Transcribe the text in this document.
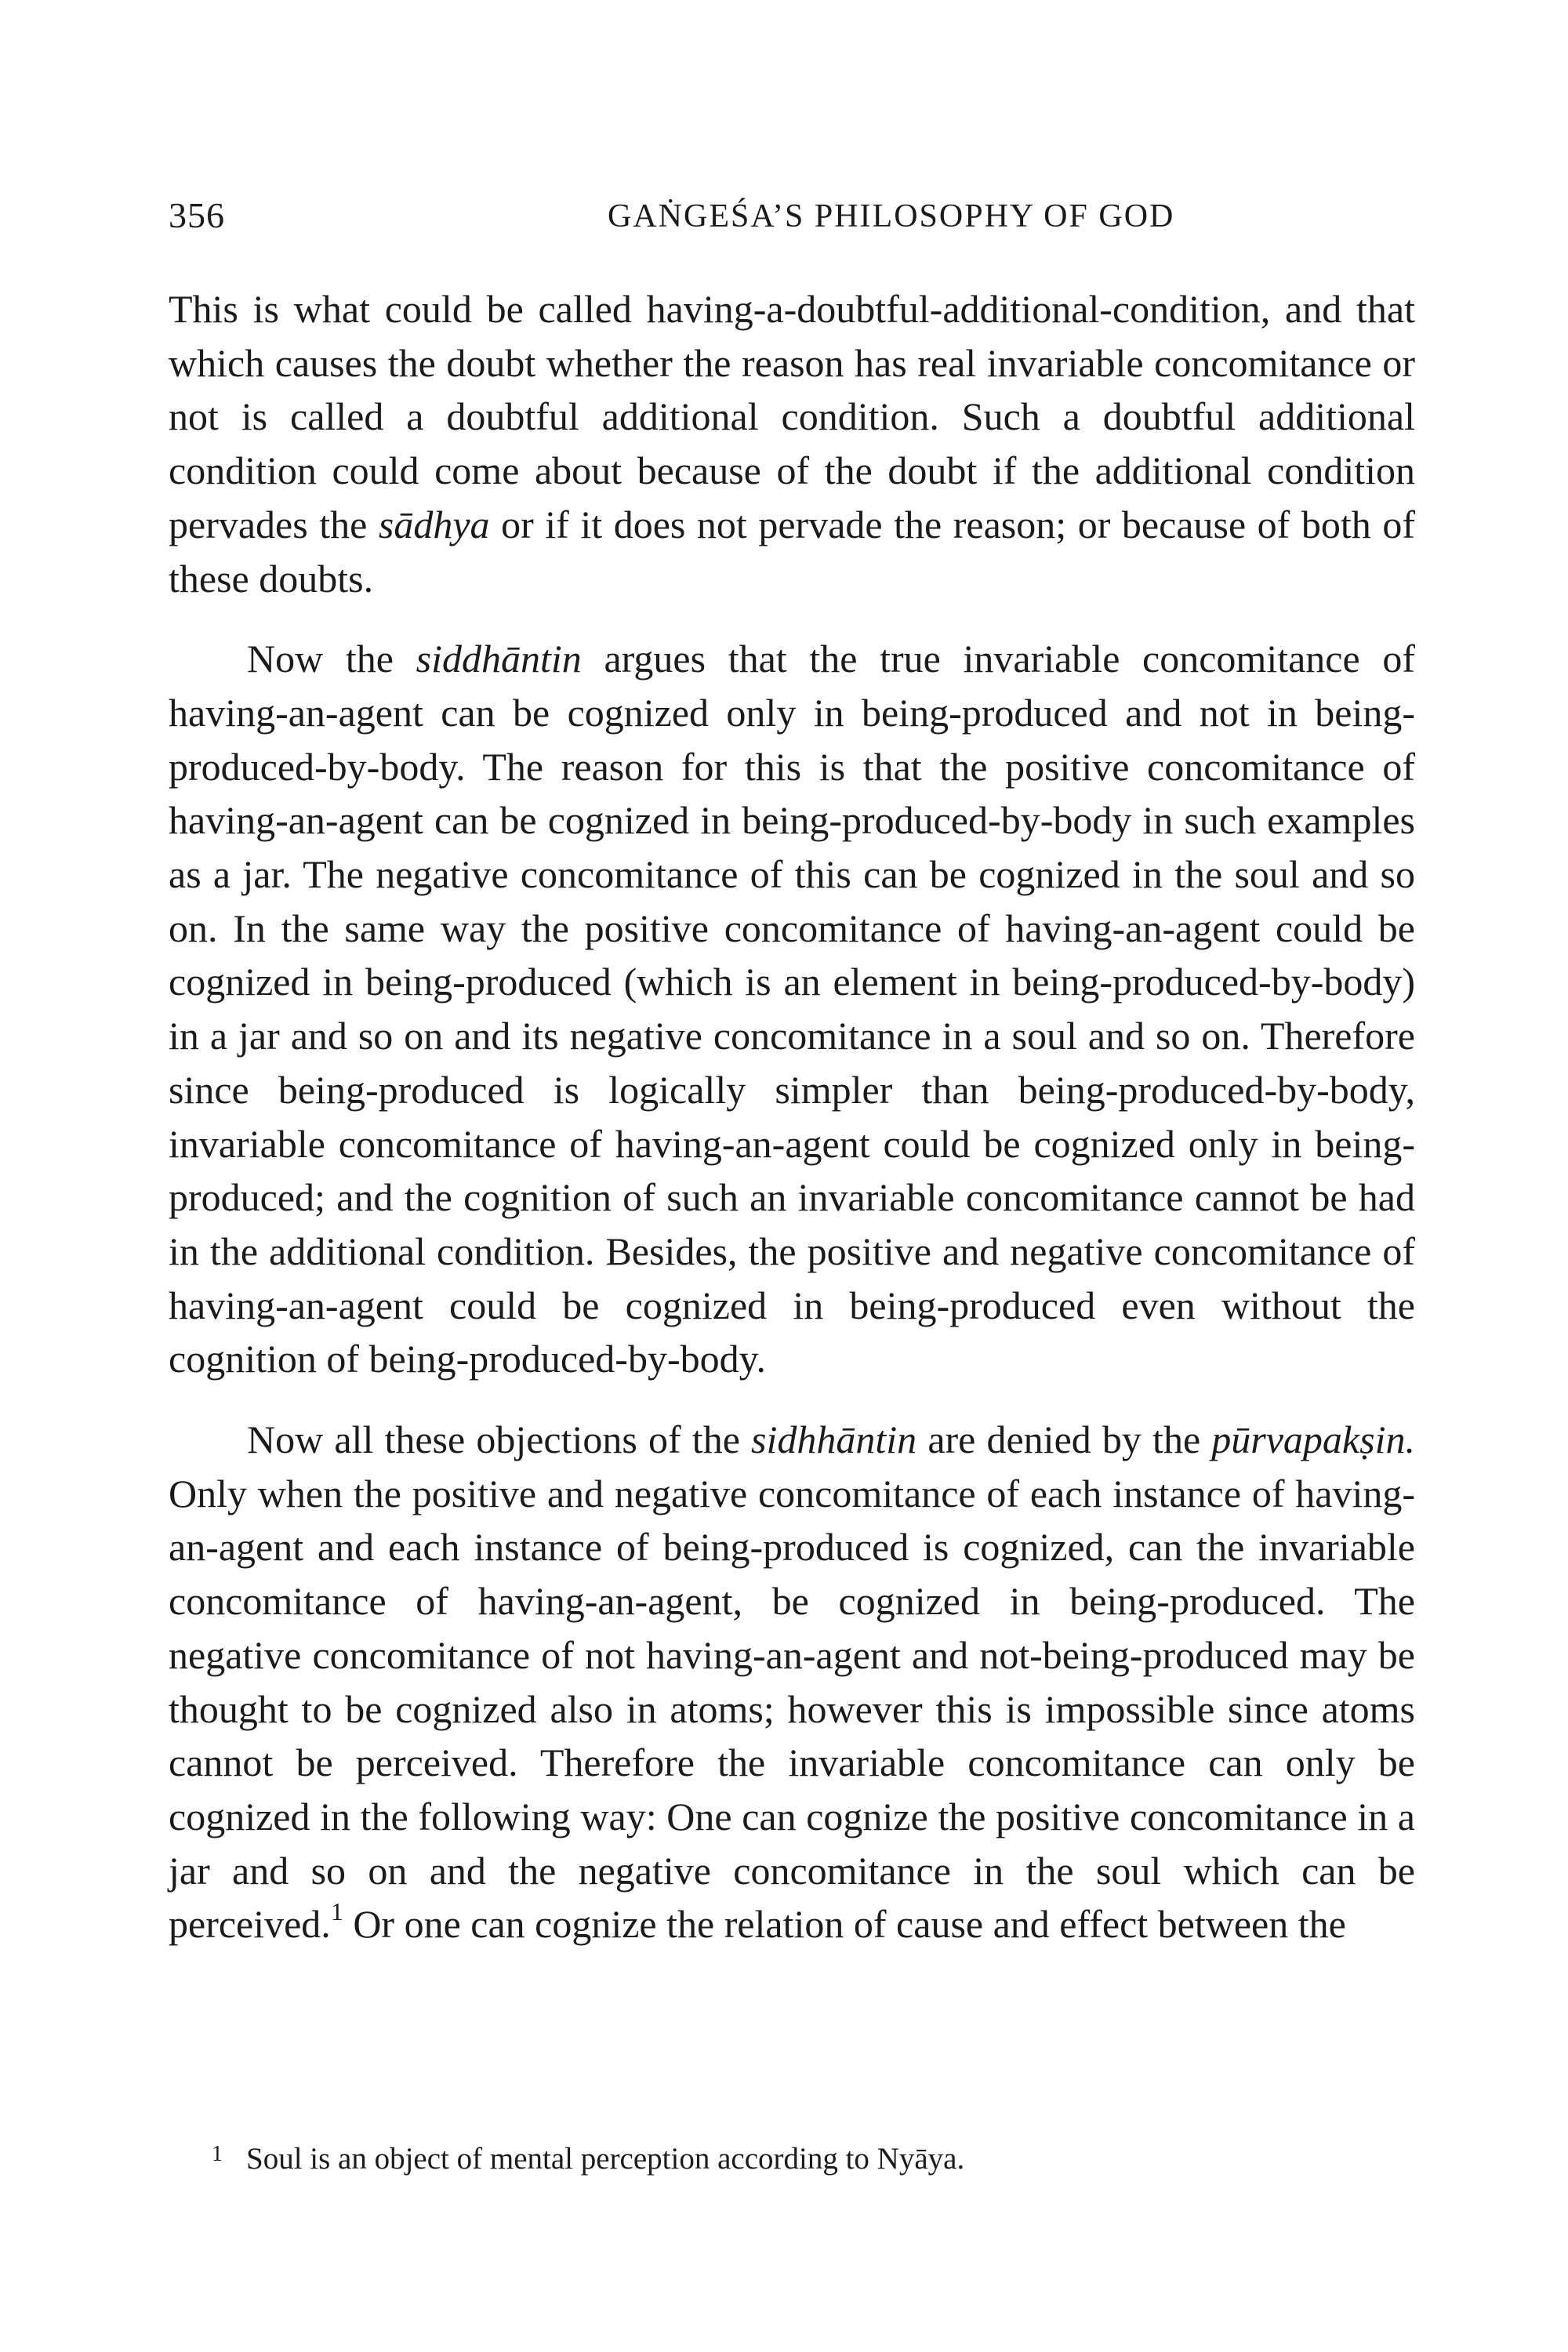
356	GAṄGEŚA’S PHILOSOPHY OF GOD

This is what could be called having-a-doubtful-additional-condition, and that which causes the doubt whether the reason has real invariable concomitance or not is called a doubtful additional condition. Such a doubtful additional condition could come about because of the doubt if the additional condition pervades the sādhya or if it does not pervade the reason; or because of both of these doubts.

Now the siddhāntin argues that the true invariable concomitance of having-an-agent can be cognized only in being-produced and not in being-produced-by-body. The reason for this is that the positive concomitance of having-an-agent can be cognized in being-produced-by-body in such examples as a jar. The negative concomitance of this can be cognized in the soul and so on. In the same way the positive concomitance of having-an-agent could be cognized in being-produced (which is an element in being-produced-by-body) in a jar and so on and its negative concomitance in a soul and so on. Therefore since being-produced is logically simpler than being-produced-by-body, invariable concomitance of having-an-agent could be cognized only in being-produced; and the cognition of such an invariable concomitance cannot be had in the additional condition. Besides, the positive and negative concomitance of having-an-agent could be cognized in being-produced even without the cognition of being-produced-by-body.

Now all these objections of the sidhhāntin are denied by the pūrvapakṣin. Only when the positive and negative concomitance of each instance of having-an-agent and each instance of being-produced is cognized, can the invariable concomitance of having-an-agent, be cognized in being-produced. The negative concomitance of not having-an-agent and not-being-produced may be thought to be cognized also in atoms; however this is impossible since atoms cannot be perceived. Therefore the invariable concomitance can only be cognized in the following way: One can cognize the positive concomitance in a jar and so on and the negative concomitance in the soul which can be perceived.$^1$ Or one can cognize the relation of cause and effect between the

$^1$ Soul is an object of mental perception according to Nyāya.
